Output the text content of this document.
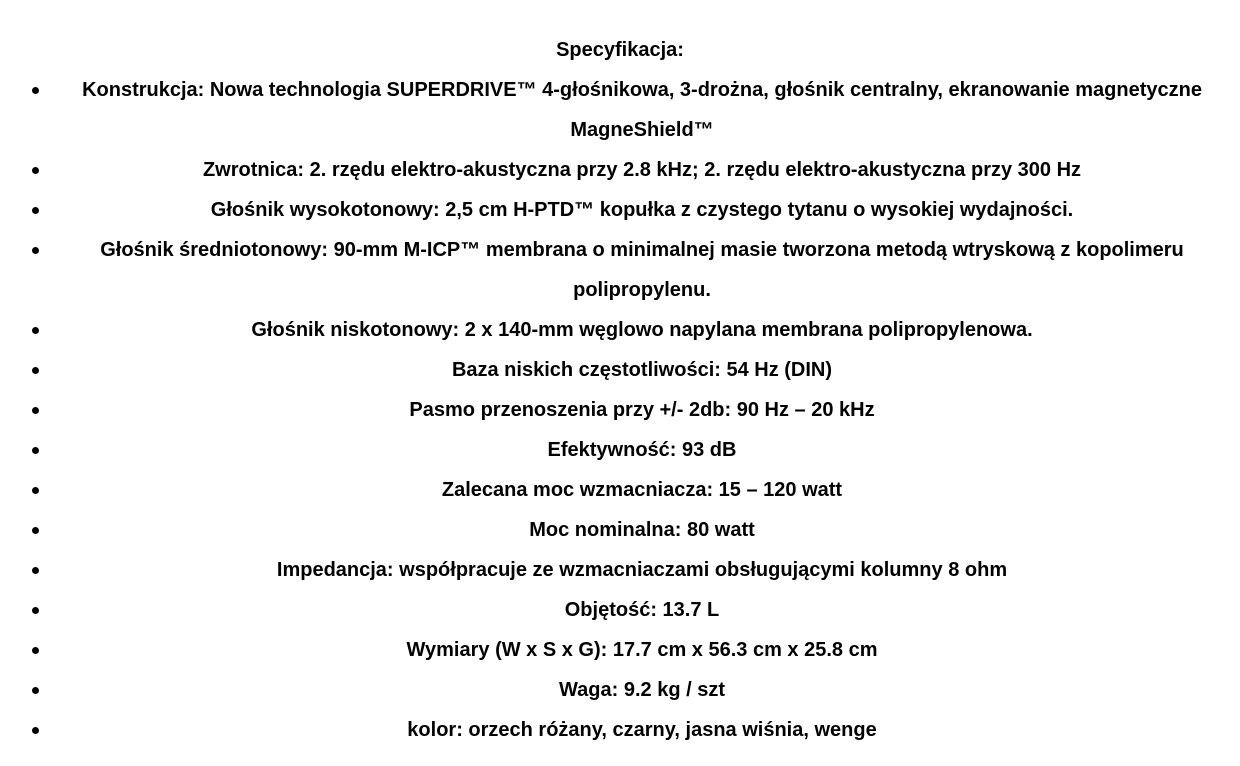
Specyfikacja:
Konstrukcja: Nowa technologia SUPERDRIVE™ 4-głośnikowa, 3-drożna, głośnik centralny, ekranowanie magnetyczne MagneShield™
Zwrotnica: 2. rzędu elektro-akustyczna przy 2.8 kHz; 2. rzędu elektro-akustyczna przy 300 Hz
Głośnik wysokotonowy: 2,5 cm H-PTD™ kopułka z czystego tytanu o wysokiej wydajności.
Głośnik średniotonowy: 90-mm M-ICP™ membrana o minimalnej masie tworzona metodą wtryskową z kopolimeru polipropylenu.
Głośnik niskotonowy: 2 x 140-mm węglowo napylana membrana polipropylenowa.
Baza niskich częstotliwości: 54 Hz (DIN)
Pasmo przenoszenia przy +/- 2db: 90 Hz – 20 kHz
Efektywność: 93 dB
Zalecana moc wzmacniacza: 15 – 120 watt
Moc nominalna: 80 watt
Impedancja: współpracuje ze wzmacniaczami obsługującymi kolumny 8 ohm
Objętość: 13.7 L
Wymiary (W x S x G): 17.7 cm x 56.3 cm x 25.8 cm
Waga: 9.2 kg / szt
kolor: orzech różany, czarny, jasna wiśnia, wenge
